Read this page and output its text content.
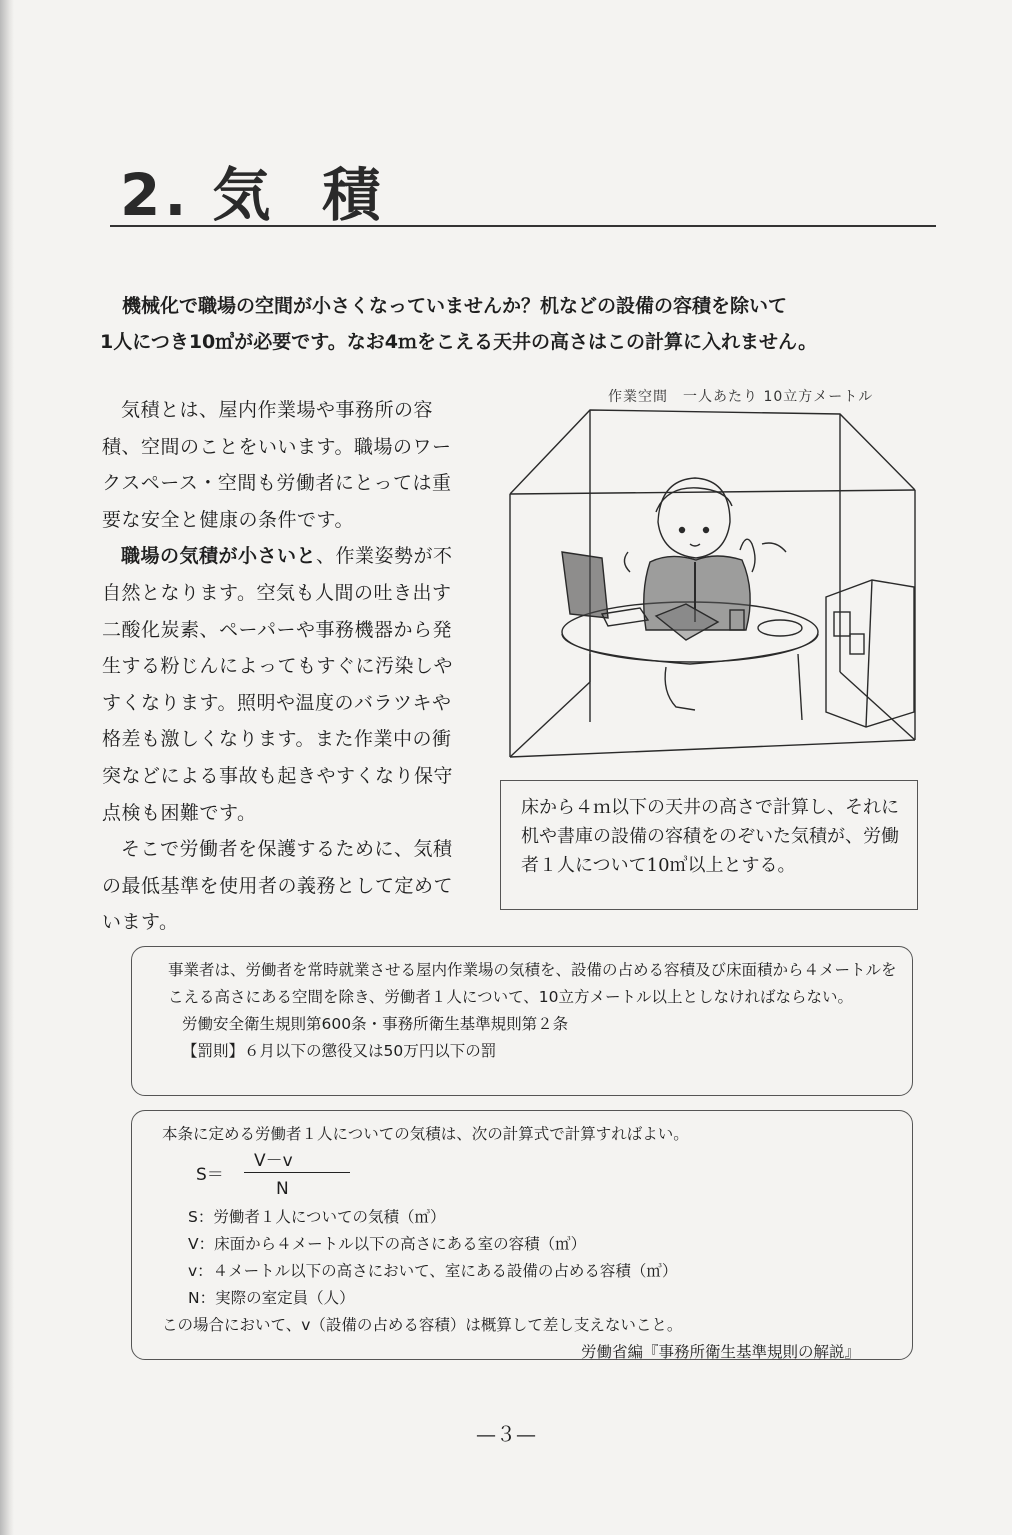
2. 気積

機械化で職場の空間が小さくなっていませんか？机などの設備の容積を除いて

1人につき10㎥が必要です。なお4ｍをこえる天井の高さはこの計算に入れません。

気積とは、屋内作業場や事務所の容積、空間のことをいいます。職場のワークスペース・空間も労働者にとっては重要な安全と健康の条件です。

職場の気積が小さいと、作業姿勢が不自然となります。空気も人間の吐き出す二酸化炭素、ペーパーや事務機器から発生する粉じんによってもすぐに汚染しやすくなります。照明や温度のバラツキや格差も激しくなります。また作業中の衝突などによる事故も起きやすくなり保守点検も困難です。

そこで労働者を保護するために、気積の最低基準を使用者の義務として定めています。

作業空間　一人あたり 10立方メートル

床から４ｍ以下の天井の高さで計算し、それに机や書庫の設備の容積をのぞいた気積が、労働者１人について10㎥以上とする。

事業者は、労働者を常時就業させる屋内作業場の気積を、設備の占める容積及び床面積から４メートルをこえる高さにある空間を除き、労働者１人について、10立方メートル以上としなければならない。

労働安全衛生規則第600条・事務所衛生基準規則第２条

【罰則】６月以下の懲役又は50万円以下の罰

本条に定める労働者１人についての気積は、次の計算式で計算すればよい。

S＝
V－v
N

S：労働者１人についての気積（㎥）

V：床面から４メートル以下の高さにある室の容積（㎥）

v：４メートル以下の高さにおいて、室にある設備の占める容積（㎥）

N：実際の室定員（人）

この場合において、v（設備の占める容積）は概算して差し支えないこと。

労働省編『事務所衛生基準規則の解説』

—３—
